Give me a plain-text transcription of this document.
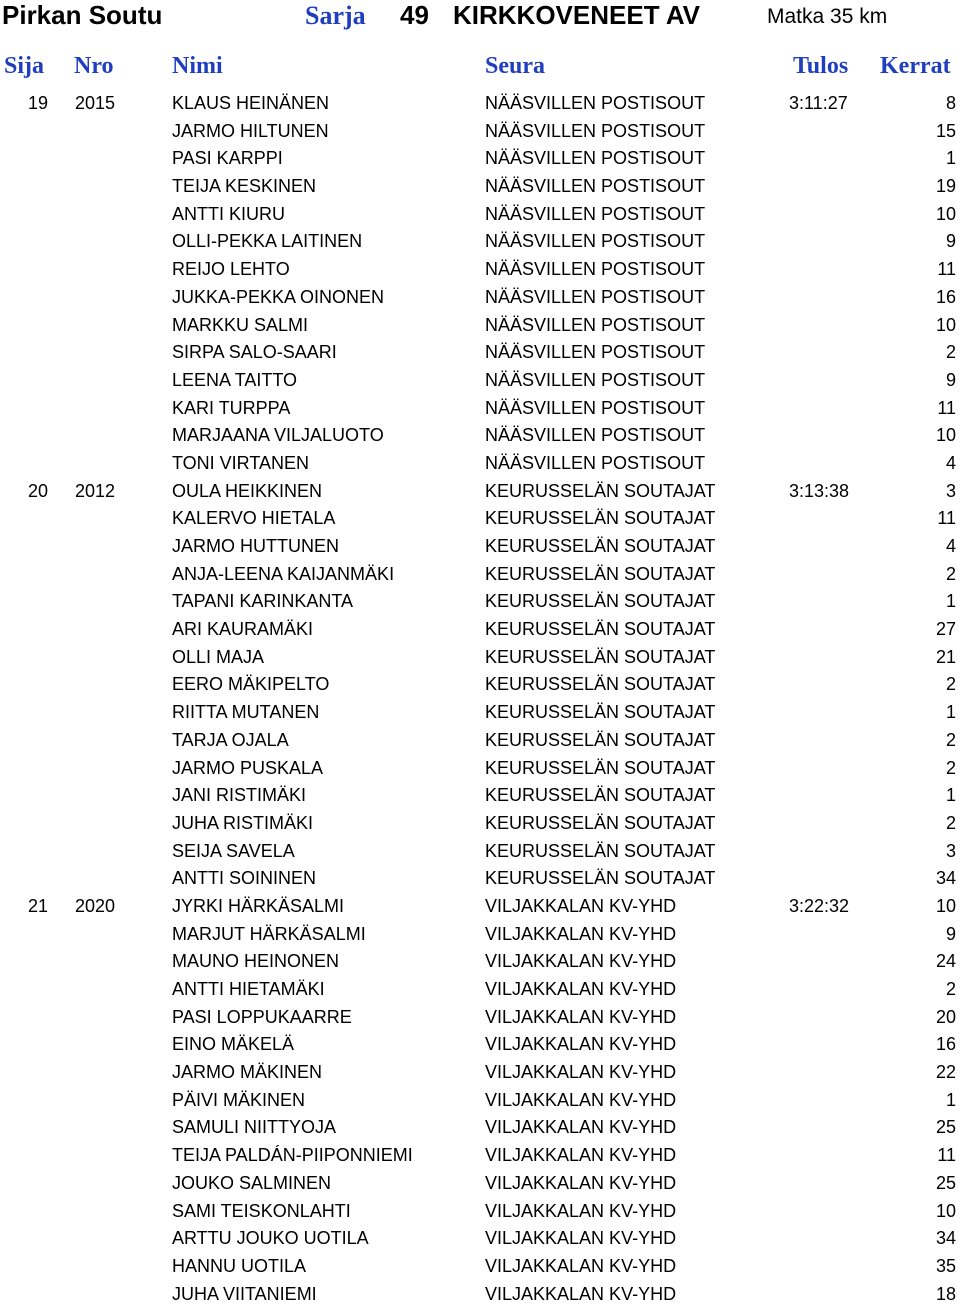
Pirkan Soutu	Sarja 49 KIRKKOVENEET AV	Matka 35 km
Sija Nro Nimi	Seura	Tulos Kerrat
19 2015	KLAUS HEINÄNEN	NÄÄSVILLEN POSTISOUT	3:11:27	8
JARMO HILTUNEN	NÄÄSVILLEN POSTISOUT	15
PASI KARPPI	NÄÄSVILLEN POSTISOUT	1
TEIJA KESKINEN	NÄÄSVILLEN POSTISOUT	19
ANTTI KIURU	NÄÄSVILLEN POSTISOUT	10
OLLI-PEKKA LAITINEN	NÄÄSVILLEN POSTISOUT	9
REIJO LEHTO	NÄÄSVILLEN POSTISOUT	11
JUKKA-PEKKA OINONEN	NÄÄSVILLEN POSTISOUT	16
MARKKU SALMI	NÄÄSVILLEN POSTISOUT	10
SIRPA SALO-SAARI	NÄÄSVILLEN POSTISOUT	2
LEENA TAITTO	NÄÄSVILLEN POSTISOUT	9
KARI TURPPA	NÄÄSVILLEN POSTISOUT	11
MARJAANA VILJALUOTO	NÄÄSVILLEN POSTISOUT	10
TONI VIRTANEN	NÄÄSVILLEN POSTISOUT	4
20 2012	OULA HEIKKINEN	KEURUSSELÄN SOUTAJAT	3:13:38	3
KALERVO HIETALA	KEURUSSELÄN SOUTAJAT	11
JARMO HUTTUNEN	KEURUSSELÄN SOUTAJAT	4
ANJA-LEENA KAIJANMÄKI	KEURUSSELÄN SOUTAJAT	2
TAPANI KARINKANTA	KEURUSSELÄN SOUTAJAT	1
ARI KAURAMÄKI	KEURUSSELÄN SOUTAJAT	27
OLLI MAJA	KEURUSSELÄN SOUTAJAT	21
EERO MÄKIPELTO	KEURUSSELÄN SOUTAJAT	2
RIITTA MUTANEN	KEURUSSELÄN SOUTAJAT	1
TARJA OJALA	KEURUSSELÄN SOUTAJAT	2
JARMO PUSKALA	KEURUSSELÄN SOUTAJAT	2
JANI RISTIMÄKI	KEURUSSELÄN SOUTAJAT	1
JUHA RISTIMÄKI	KEURUSSELÄN SOUTAJAT	2
SEIJA SAVELA	KEURUSSELÄN SOUTAJAT	3
ANTTI SOININEN	KEURUSSELÄN SOUTAJAT	34
21 2020	JYRKI HÄRKÄSALMI	VILJAKKALAN KV-YHD	3:22:32	10
MARJUT HÄRKÄSALMI	VILJAKKALAN KV-YHD	9
MAUNO HEINONEN	VILJAKKALAN KV-YHD	24
ANTTI HIETAMÄKI	VILJAKKALAN KV-YHD	2
PASI LOPPUKAARRE	VILJAKKALAN KV-YHD	20
EINO MÄKELÄ	VILJAKKALAN KV-YHD	16
JARMO MÄKINEN	VILJAKKALAN KV-YHD	22
PÄIVI MÄKINEN	VILJAKKALAN KV-YHD	1
SAMULI NIITTYOJA	VILJAKKALAN KV-YHD	25
TEIJA PALDÁN-PIIPONNIEMI	VILJAKKALAN KV-YHD	11
JOUKO SALMINEN	VILJAKKALAN KV-YHD	25
SAMI TEISKONLAHTI	VILJAKKALAN KV-YHD	10
ARTTU JOUKO UOTILA	VILJAKKALAN KV-YHD	34
HANNU UOTILA	VILJAKKALAN KV-YHD	35
JUHA VIITANIEMI	VILJAKKALAN KV-YHD	18
